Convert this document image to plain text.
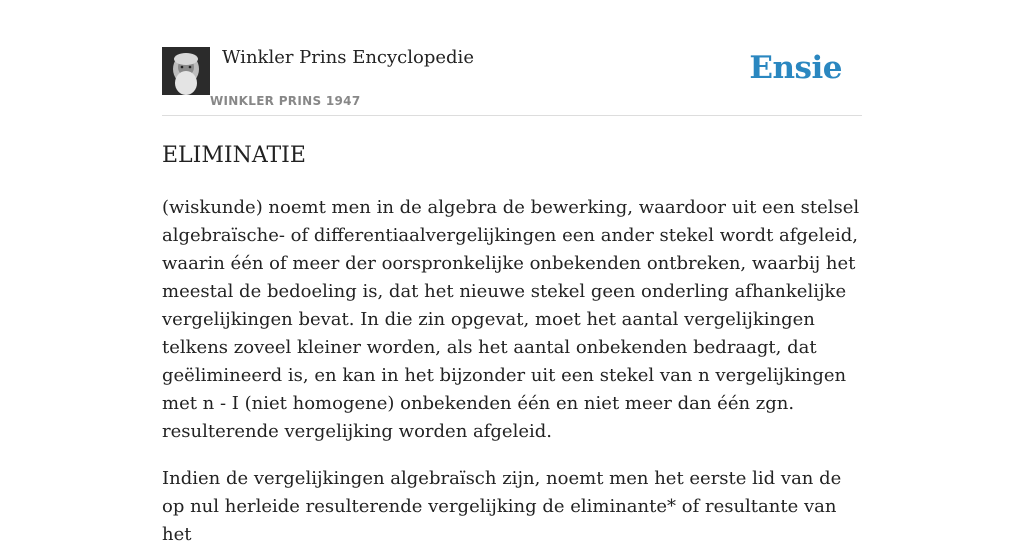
Winkler Prins Encyclopedie
WINKLER PRINS 1947
Ensie
ELIMINATIE

(wiskunde) noemt men in de algebra de bewerking, waardoor uit een stelsel algebraïsche- of differentiaalvergelijkingen een ander stekel wordt afgeleid, waarin één of meer der oorspronkelijke onbekenden ontbreken, waarbij het meestal de bedoeling is, dat het nieuwe stekel geen onderling afhankelijke vergelijkingen bevat. In die zin opgevat, moet het aantal vergelijkingen telkens zoveel kleiner worden, als het aantal onbekenden bedraagt, dat geëlimineerd is, en kan in het bijzonder uit een stekel van n vergelijkingen met n - I (niet homogene) onbekenden één en niet meer dan één zgn. resulterende vergelijking worden afgeleid.

Indien de vergelijkingen algebraïsch zijn, noemt men het eerste lid van de op nul herleide resulterende vergelijking de eliminante* of resultante van het
